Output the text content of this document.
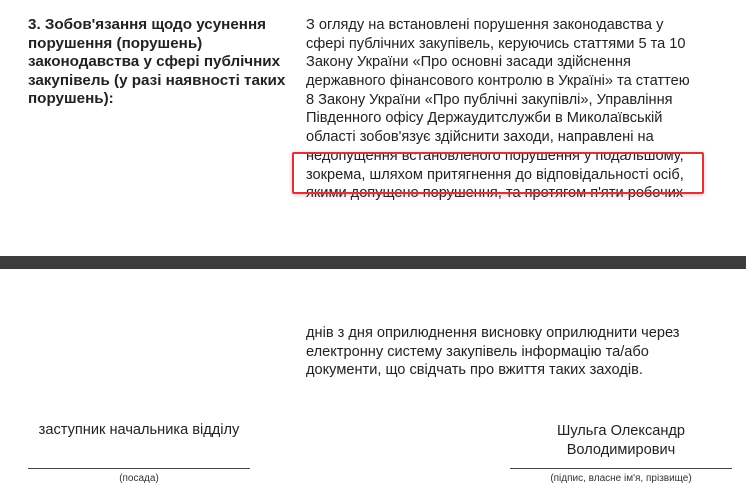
3. Зобов'язання щодо усунення
порушення (порушень)
законодавства у сфері публічних
закупівель (у разі наявності таких
порушень):
З огляду на встановлені порушення законодавства у
сфері публічних закупівель, керуючись статтями 5 та 10
Закону України «Про основні засади здійснення
державного фінансового контролю в Україні» та статтею
8 Закону України «Про публічні закупівлі», Управління
Південного офісу Держаудитслужби в Миколаївській
області зобов'язує здійснити заходи, направлені на
недопущення встановленого порушення у подальшому,
зокрема, шляхом притягнення до відповідальності осіб,
якими допущено порушення, та протягом п'яти робочих
днів з дня оприлюднення висновку оприлюднити через
електронну систему закупівель інформацію та/або
документи, що свідчать про вжиття таких заходів.
заступник начальника відділу
(посада)
Шульга Олександр
Володимирович
(підпис, власне ім'я, прізвище)
